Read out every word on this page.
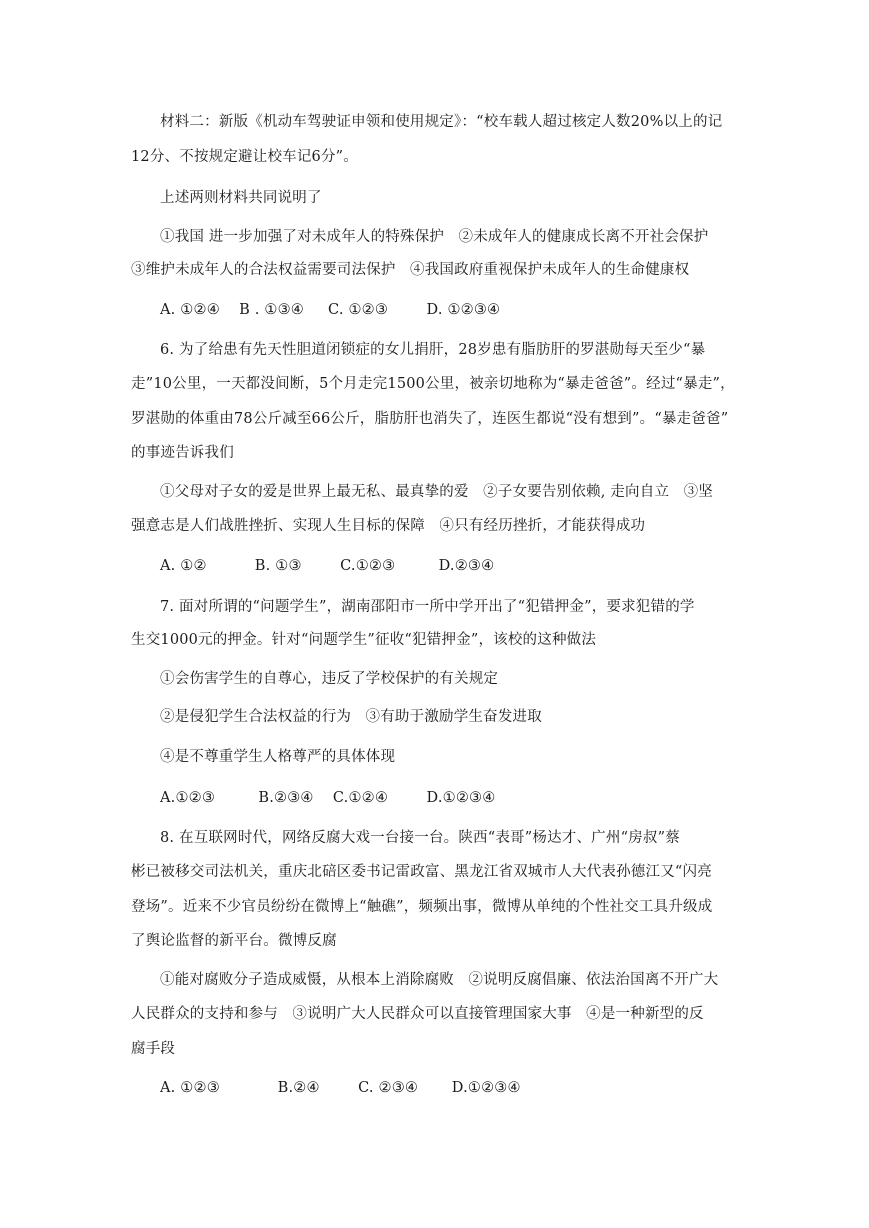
材料二：新版《机动车驾驶证申领和使用规定》：“校车载人超过核定人数20%以上的记
12分、不按规定避让校车记6分”。
上述两则材料共同说明了
①我国 进一步加强了对未成年人的特殊保护   ②未成年人的健康成长离不开社会保护
③维护未成年人的合法权益需要司法保护   ④我国政府重视保护未成年人的生命健康权
A. ①②④    B . ①③④     C. ①②③        D. ①②③④
6. 为了给患有先天性胆道闭锁症的女儿捐肝，28岁患有脂肪肝的罗湛勋每天至少“暴
走”10公里，一天都没间断，5个月走完1500公里，被亲切地称为“暴走爸爸”。经过“暴走”，
罗湛勋的体重由78公斤减至66公斤，脂肪肝也消失了，连医生都说“没有想到”。“暴走爸爸”
的事迹告诉我们
①父母对子女的爱是世界上最无私、最真挚的爱   ②子女要告别依赖, 走向自立   ③坚
强意志是人们战胜挫折、实现人生目标的保障   ④只有经历挫折，才能获得成功
A. ①②          B. ①③        C.①②③         D.②③④
7. 面对所谓的“问题学生”，湖南邵阳市一所中学开出了“犯错押金”，要求犯错的学
生交1000元的押金。针对“问题学生”征收“犯错押金”，该校的这种做法
①会伤害学生的自尊心，违反了学校保护的有关规定
②是侵犯学生合法权益的行为   ③有助于激励学生奋发进取
④是不尊重学生人格尊严的具体体现
A.①②③         B.②③④    C.①②④        D.①②③④
8. 在互联网时代，网络反腐大戏一台接一台。陕西“表哥”杨达才、广州“房叔”蔡
彬已被移交司法机关，重庆北碚区委书记雷政富、黑龙江省双城市人大代表孙德江又“闪亮
登场”。近来不少官员纷纷在微博上“触礁”，频频出事，微博从单纯的个性社交工具升级成
了舆论监督的新平台。微博反腐
①能对腐败分子造成威慑，从根本上消除腐败   ②说明反腐倡廉、依法治国离不开广大
人民群众的支持和参与   ③说明广大人民群众可以直接管理国家大事   ④是一种新型的反
腐手段
A. ①②③            B.②④        C. ②③④       D.①②③④
